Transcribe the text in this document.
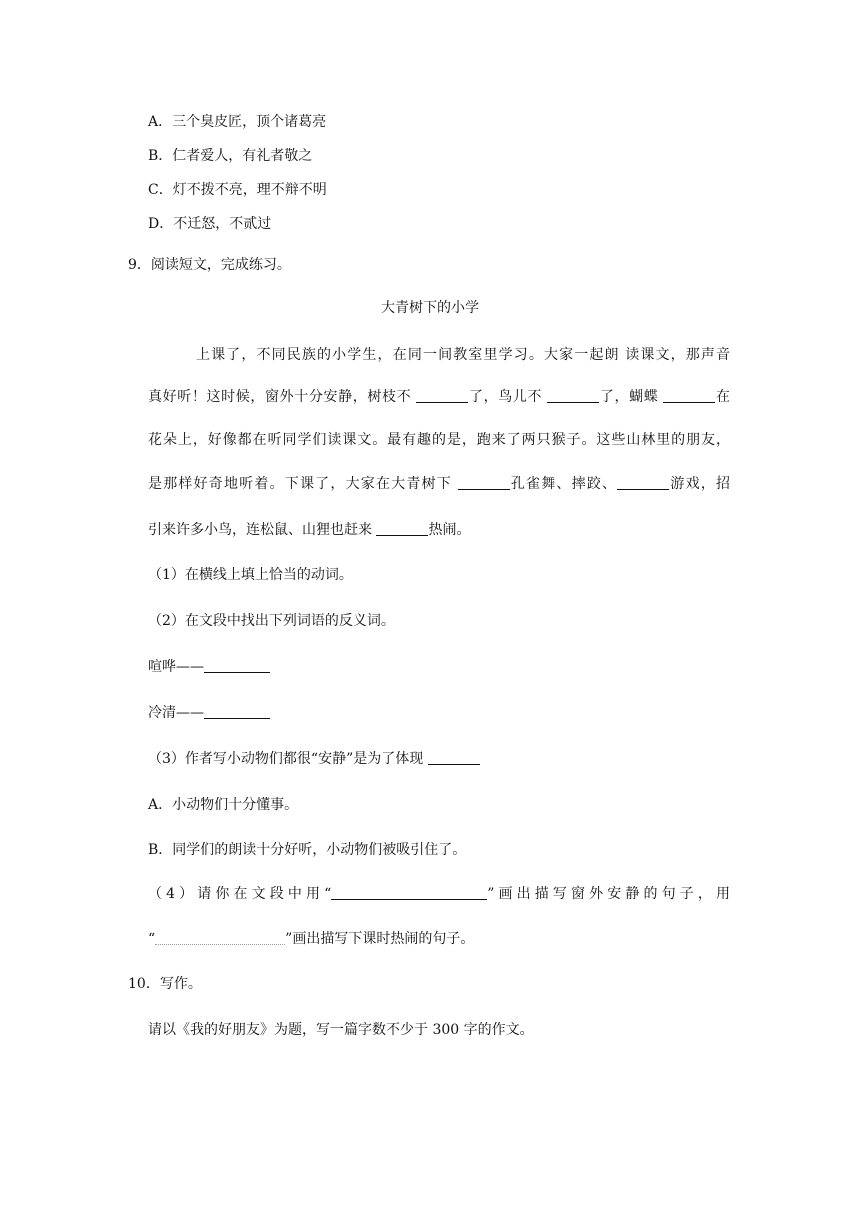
A．三个臭皮匠，顶个诸葛亮
B．仁者爱人，有礼者敬之
C．灯不拨不亮，理不辩不明
D．不迁怒，不贰过
9．阅读短文，完成练习。
大青树下的小学
上课了，不同民族的小学生，在同一间教室里学习。大家一起朗 读课文，那声音
真好听！这时候，窗外十分安静，树枝不	了，鸟儿不	了，蝴蝶	在
花朵上，好像都在听同学们读课文。最有趣的是，跑来了两只猴子。这些山林里的朋友，
是那样好奇地听着。下课了，大家在大青树下	孔雀舞、摔跤、	游戏，招
引来许多小鸟，连松鼠、山狸也赶来	热闹。
（1）在横线上填上恰当的动词。
（2）在文段中找出下列词语的反义词。
喧哗——
冷清——
（3）作者写小动物们都很“安静”是为了体现
A．小动物们十分懂事。
B．同学们的朗读十分好听，小动物们被吸引住了。
（4）请你在文段中用“	”画出描写窗外安静的句子，用
“	”画出描写下课时热闹的句子。
10．写作。
请以《我的好朋友》为题，写一篇字数不少于 300 字的作文。
